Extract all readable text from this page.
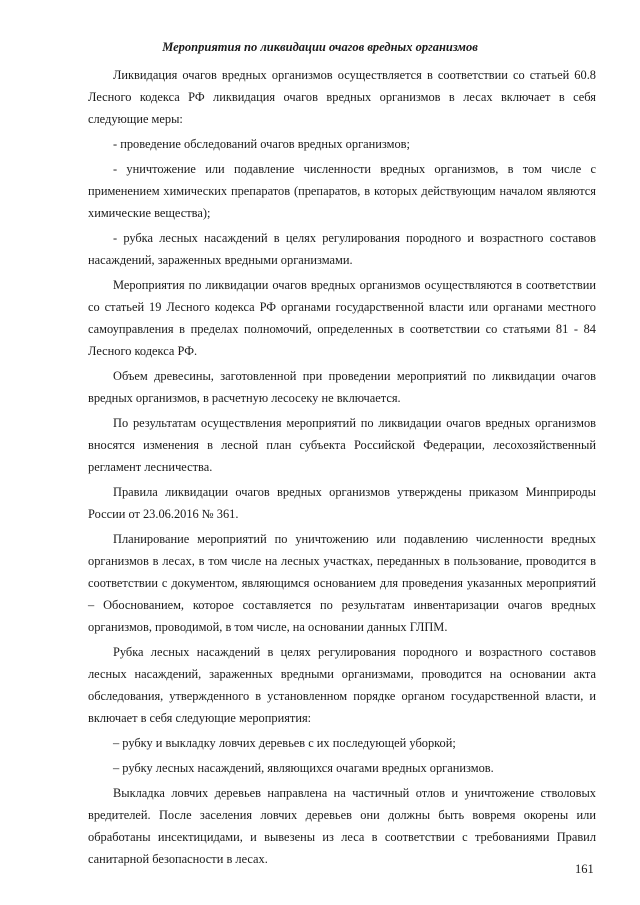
Мероприятия по ликвидации очагов вредных организмов

Ликвидация очагов вредных организмов осуществляется в соответствии со статьей 60.8 Лесного кодекса РФ ликвидация очагов вредных организмов в лесах включает в себя следующие меры:

- проведение обследований очагов вредных организмов;

- уничтожение или подавление численности вредных организмов, в том числе с применением химических препаратов (препаратов, в которых действующим началом являются химические вещества);

- рубка лесных насаждений в целях регулирования породного и возрастного составов насаждений, зараженных вредными организмами.

Мероприятия по ликвидации очагов вредных организмов осуществляются в соответствии со статьей 19 Лесного кодекса РФ органами государственной власти или органами местного самоуправления в пределах полномочий, определенных в соответствии со статьями 81 - 84 Лесного кодекса РФ.

Объем древесины, заготовленной при проведении мероприятий по ликвидации очагов вредных организмов, в расчетную лесосеку не включается.

По результатам осуществления мероприятий по ликвидации очагов вредных организмов вносятся изменения в лесной план субъекта Российской Федерации, лесохозяйственный регламент лесничества.

Правила ликвидации очагов вредных организмов утверждены приказом Минприроды России от 23.06.2016 № 361.

Планирование мероприятий по уничтожению или подавлению численности вредных организмов в лесах, в том числе на лесных участках, переданных в пользование, проводится в соответствии с документом, являющимся основанием для проведения указанных мероприятий – Обоснованием, которое составляется по результатам инвентаризации очагов вредных организмов, проводимой, в том числе, на основании данных ГЛПМ.

Рубка лесных насаждений в целях регулирования породного и возрастного составов лесных насаждений, зараженных вредными организмами, проводится на основании акта обследования, утвержденного в установленном порядке органом государственной власти, и включает в себя следующие мероприятия:

– рубку и выкладку ловчих деревьев с их последующей уборкой;

– рубку лесных насаждений, являющихся очагами вредных организмов.

Выкладка ловчих деревьев направлена на частичный отлов и уничтожение стволовых вредителей. После заселения ловчих деревьев они должны быть вовремя окорены или обработаны инсектицидами, и вывезены из леса в соответствии с требованиями Правил санитарной безопасности в лесах.

161
